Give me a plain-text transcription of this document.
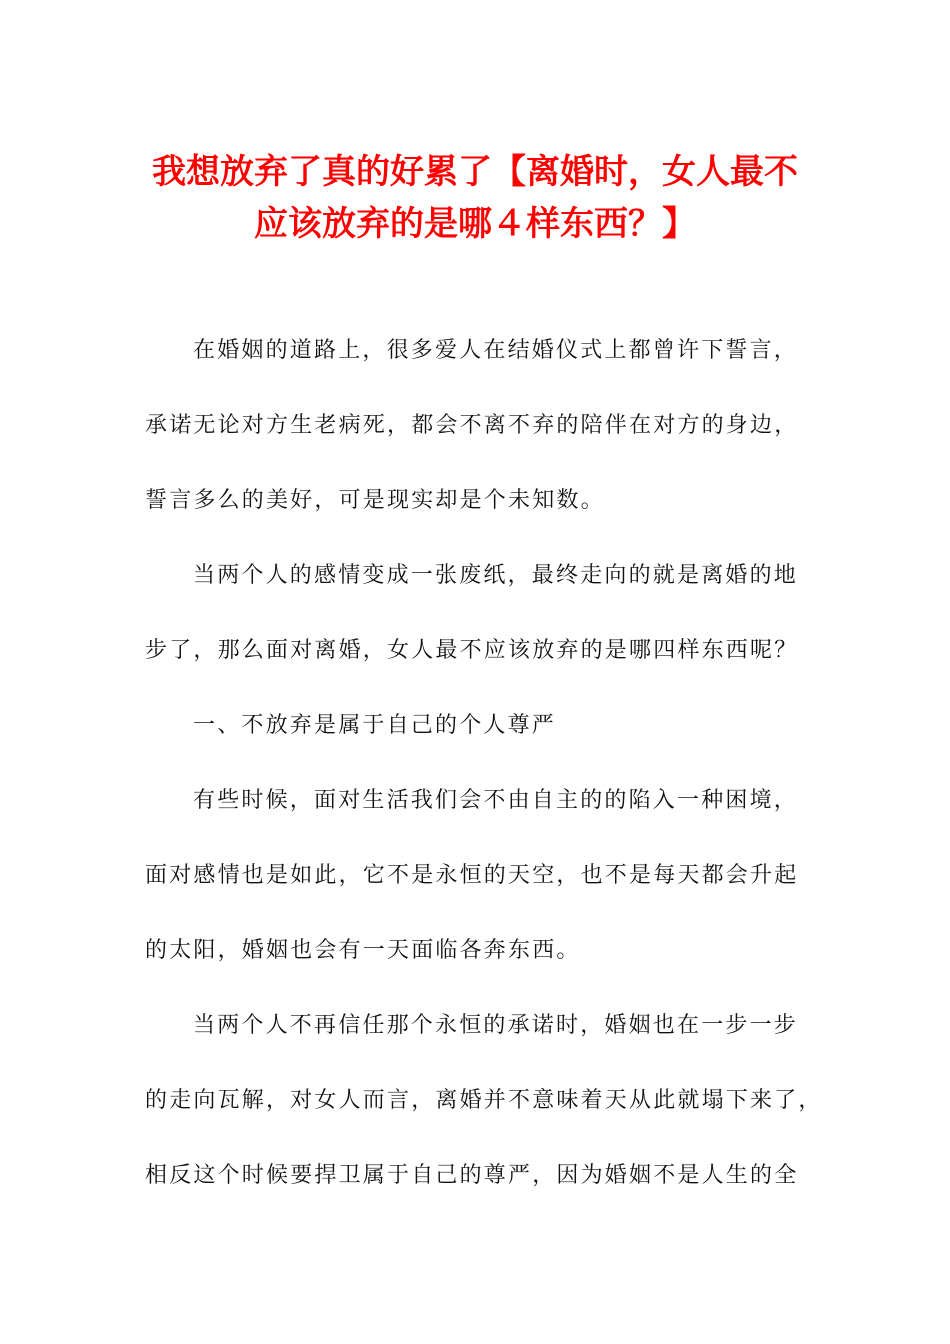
我想放弃了真的好累了【离婚时，女人最不
应该放弃的是哪４样东西？】
在婚姻的道路上，很多爱人在结婚仪式上都曾许下誓言，
承诺无论对方生老病死，都会不离不弃的陪伴在对方的身边，
誓言多么的美好，可是现实却是个未知数。
当两个人的感情变成一张废纸，最终走向的就是离婚的地
步了，那么面对离婚，女人最不应该放弃的是哪四样东西呢？
一、不放弃是属于自己的个人尊严
有些时候，面对生活我们会不由自主的的陷入一种困境，
面对感情也是如此，它不是永恒的天空，也不是每天都会升起
的太阳，婚姻也会有一天面临各奔东西。
当两个人不再信任那个永恒的承诺时，婚姻也在一步一步
的走向瓦解，对女人而言，离婚并不意味着天从此就塌下来了，
相反这个时候要捍卫属于自己的尊严，因为婚姻不是人生的全
